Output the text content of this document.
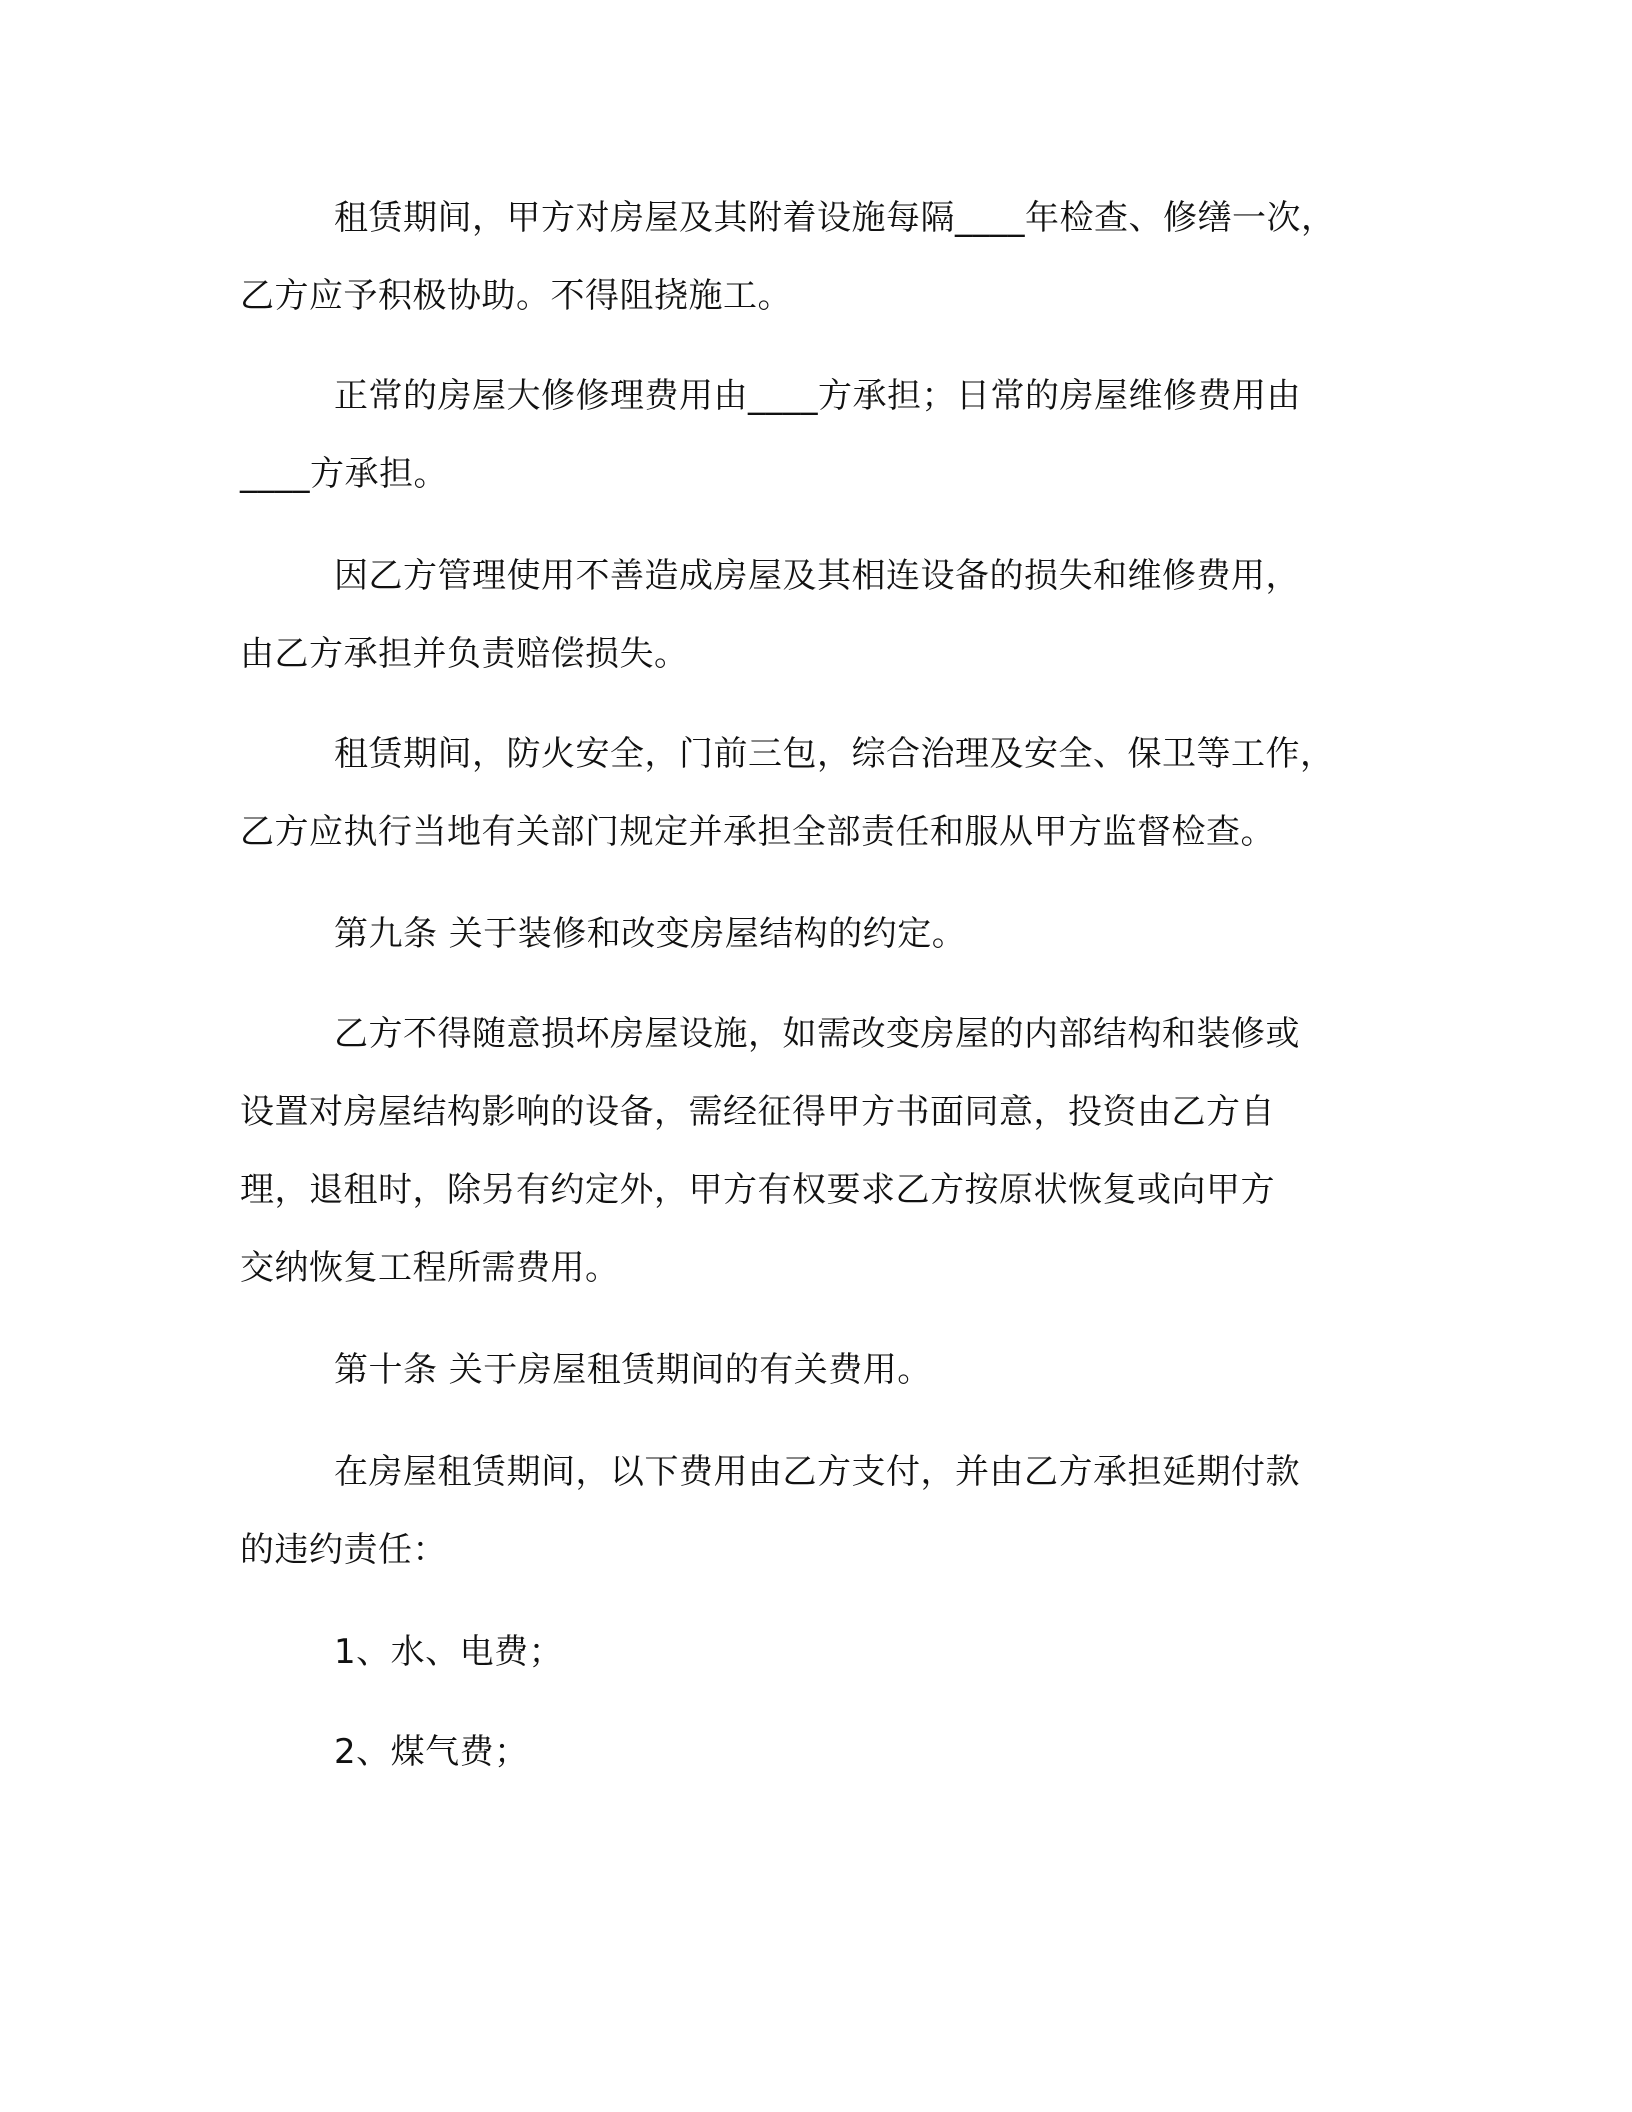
租赁期间，甲方对房屋及其附着设施每隔____年检查、修缮一次，
乙方应予积极协助。不得阻挠施工。
正常的房屋大修修理费用由____方承担；日常的房屋维修费用由
____方承担。
因乙方管理使用不善造成房屋及其相连设备的损失和维修费用，
由乙方承担并负责赔偿损失。
租赁期间，防火安全，门前三包，综合治理及安全、保卫等工作，
乙方应执行当地有关部门规定并承担全部责任和服从甲方监督检查。
第九条 关于装修和改变房屋结构的约定。
乙方不得随意损坏房屋设施，如需改变房屋的内部结构和装修或
设置对房屋结构影响的设备，需经征得甲方书面同意，投资由乙方自
理，退租时，除另有约定外，甲方有权要求乙方按原状恢复或向甲方
交纳恢复工程所需费用。
第十条 关于房屋租赁期间的有关费用。
在房屋租赁期间，以下费用由乙方支付，并由乙方承担延期付款
的违约责任：
1、水、电费；
2、煤气费；
